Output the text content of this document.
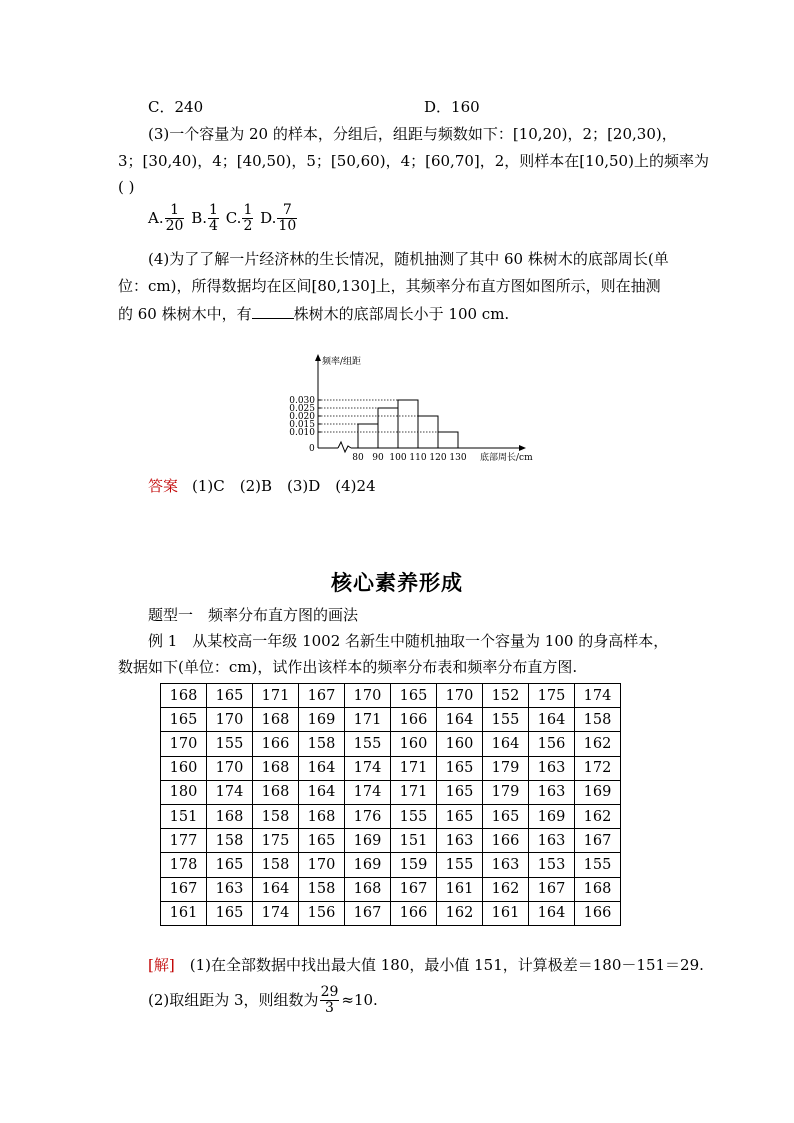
C．240	D．160
(3)一个容量为 20 的样本，分组后，组距与频数如下：[10,20)，2；[20,30)，
3；[30,40)，4；[40,50)，5；[50,60)，4；[60,70]，2，则样本在[10,50)上的频率为
( )
A. $\frac{1}{20} B$. $\frac{1}{4} C$. $\frac{1}{2} D$. $\frac{7}{10}$
(4)为了了解一片经济林的生长情况，随机抽测了其中 60 株树木的底部周长(单
位：cm)，所得数据均在区间[80,130]上，其频率分布直方图如图所示，则在抽测
的 60 株树木中，有	株树木的底部周长小于 100 cm.
频率/组距
底部周长/cm
0
0.010
0.015
0.020
0.025
0.030
80 90 100 110 120 130
答案 (1)C　(2)B　(3)D　(4)24
核心素养形成
题型一　频率分布直方图的画法
例 1　从某校高一年级 1002 名新生中随机抽取一个容量为 100 的身高样本，
数据如下(单位：cm)，试作出该样本的频率分布表和频率分布直方图.
168	165	171	167	170	165	170	152	175	174
165	170	168	169	171	166	164	155	164	158
170	155	166	158	155	160	160	164	156	162
160	170	168	164	174	171	165	179	163	172
180	174	168	164	174	171	165	179	163	169
151	168	158	168	176	155	165	165	169	162
177	158	175	165	169	151	163	166	163	167
178	165	158	170	169	159	155	163	153	155
167	163	164	158	168	167	161	162	167	168
161	165	174	156	167	166	162	161	164	166
[解]　(1)在全部数据中找出最大值 180，最小值 151，计算极差＝180－151＝29.
(2)取组距为 3，则组数为 $\frac{29}{3} \approx 10$.
